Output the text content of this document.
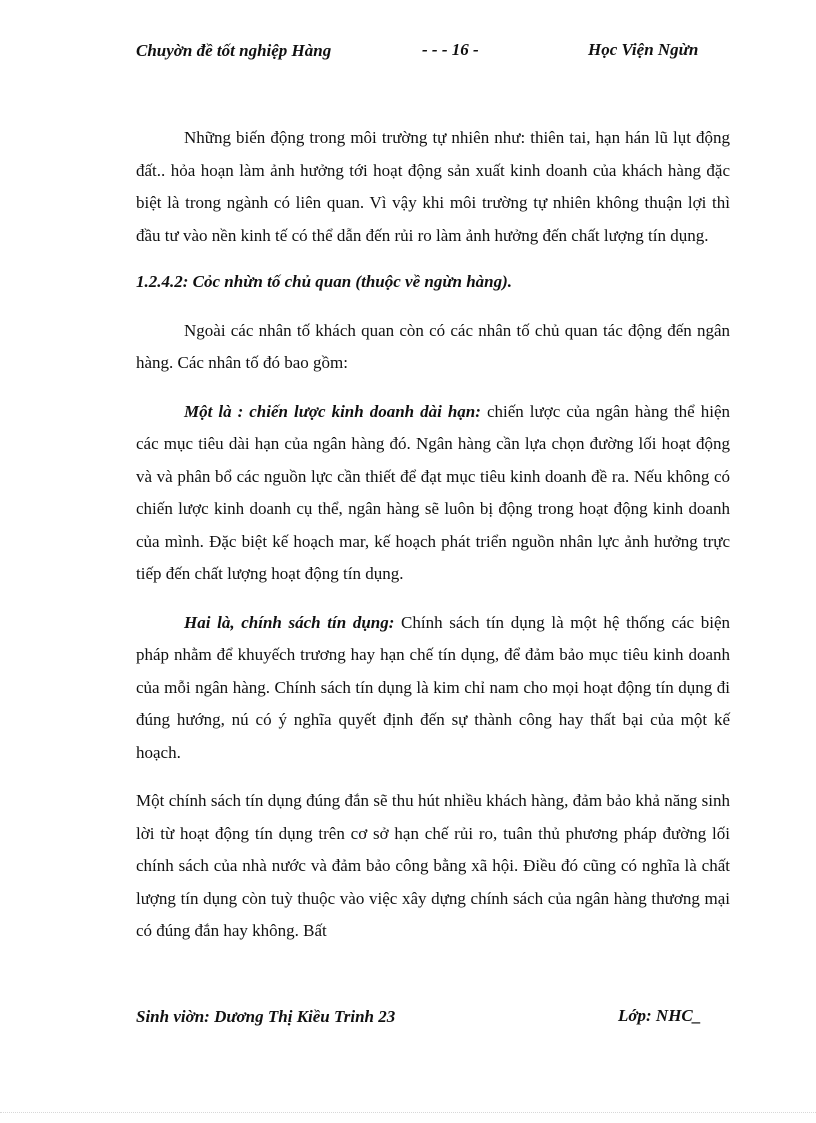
Chuyờn đề tốt nghiệp Hàng	- - - 16 -	Học Viện Ngừn

Những biến động trong môi trường tự nhiên như: thiên tai, hạn hán lũ lụt động đất.. hỏa hoạn làm ảnh hưởng tới hoạt động sản xuất kinh doanh của khách hàng đặc biệt là trong ngành có liên quan. Vì vậy khi môi trường tự nhiên không thuận lợi thì đầu tư vào nền kinh tế có thể dẫn đến rủi ro làm ảnh hưởng đến chất lượng tín dụng.

1.2.4.2: Cỏc nhừn tố chủ quan (thuộc về ngừn hàng).

Ngoài các nhân tố khách quan còn có các nhân tố chủ quan tác động đến ngân hàng. Các nhân tố đó bao gồm:

Một là : chiến lược kinh doanh dài hạn: chiến lược của ngân hàng thể hiện các mục tiêu dài hạn của ngân hàng đó. Ngân hàng cần lựa chọn đường lối hoạt động và và phân bổ các nguồn lực cần thiết để đạt mục tiêu kinh doanh đề ra. Nếu không có chiến lược kinh doanh cụ thể, ngân hàng sẽ luôn bị động trong hoạt động kinh doanh của mình. Đặc biệt kế hoạch mar, kế hoạch phát triển nguồn nhân lực ảnh hưởng trực tiếp đến chất lượng hoạt động tín dụng.

Hai là, chính sách tín dụng: Chính sách tín dụng là một hệ thống các biện pháp nhằm để khuyếch trương hay hạn chế tín dụng, để đảm bảo mục tiêu kinh doanh của mỗi ngân hàng. Chính sách tín dụng là kim chỉ nam cho mọi hoạt động tín dụng đi đúng hướng, nú có ý nghĩa quyết định đến sự thành công hay thất bại của một kế hoạch.

Một chính sách tín dụng đúng đắn sẽ thu hút nhiều khách hàng, đảm bảo khả năng sinh lời từ hoạt động tín dụng trên cơ sở hạn chế rủi ro, tuân thủ phương pháp đường lối chính sách của nhà nước và đảm bảo công bằng xã hội. Điều đó cũng có nghĩa là chất lượng tín dụng còn tuỳ thuộc vào việc xây dựng chính sách của ngân hàng thương mại có đúng đắn hay không. Bất

Sinh viờn: Dương Thị Kiều Trinh 23	Lớp: NHC_
